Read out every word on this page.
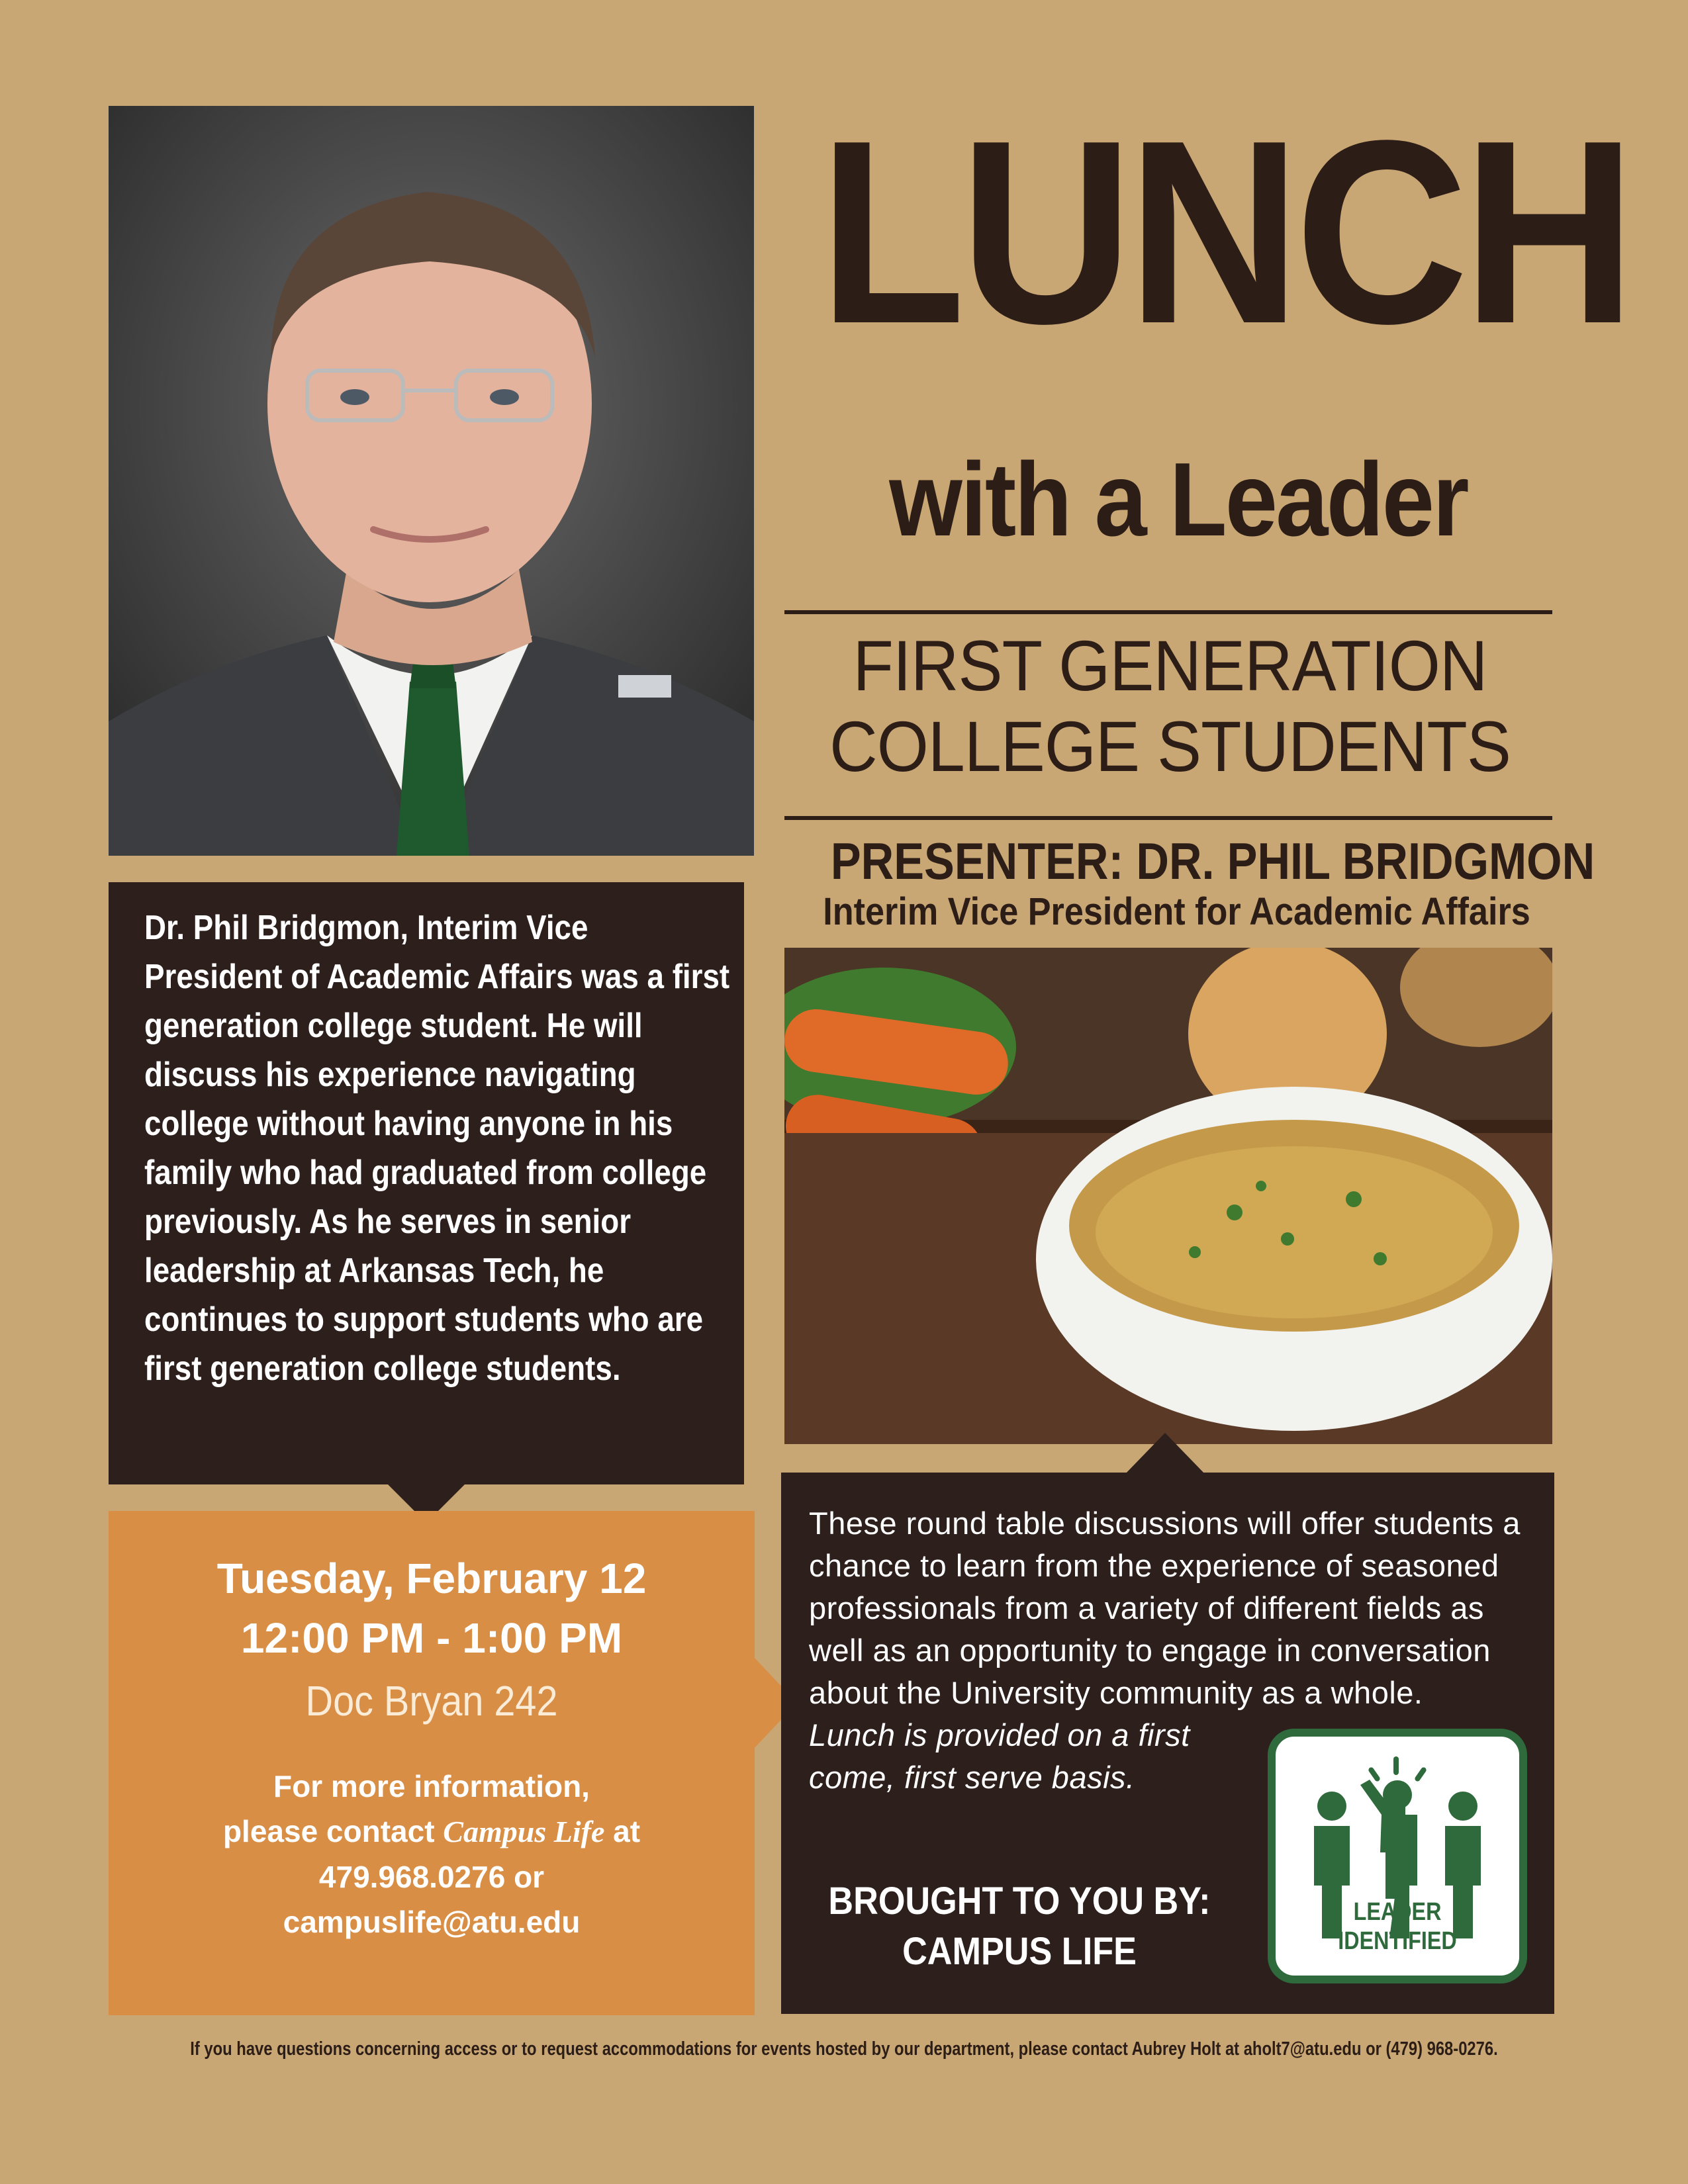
LUNCH
with a Leader
FIRST GENERATION
COLLEGE STUDENTS
PRESENTER: DR. PHIL BRIDGMON
Interim Vice President for Academic Affairs
Dr. Phil Bridgmon, Interim Vice President of Academic Affairs was a first generation college student. He will discuss his experience navigating college without having anyone in his family who had graduated from college previously. As he serves in senior leadership at Arkansas Tech, he continues to support students who are first generation college students.
Tuesday, February 12
12:00 PM - 1:00 PM
Doc Bryan 242
For more information,
please contact Campus Life at
479.968.0276 or
campuslife@atu.edu
These round table discussions will offer students a chance to learn from the experience of seasoned professionals from a variety of different fields as well as an opportunity to engage in conversation about the University community as a whole.
Lunch is provided on a first come, first serve basis.
BROUGHT TO YOU BY:
CAMPUS LIFE
LEADER IDENTIFIED
If you have questions concerning access or to request accommodations for events hosted by our department, please contact Aubrey Holt at aholt7@atu.edu or (479) 968-0276.
